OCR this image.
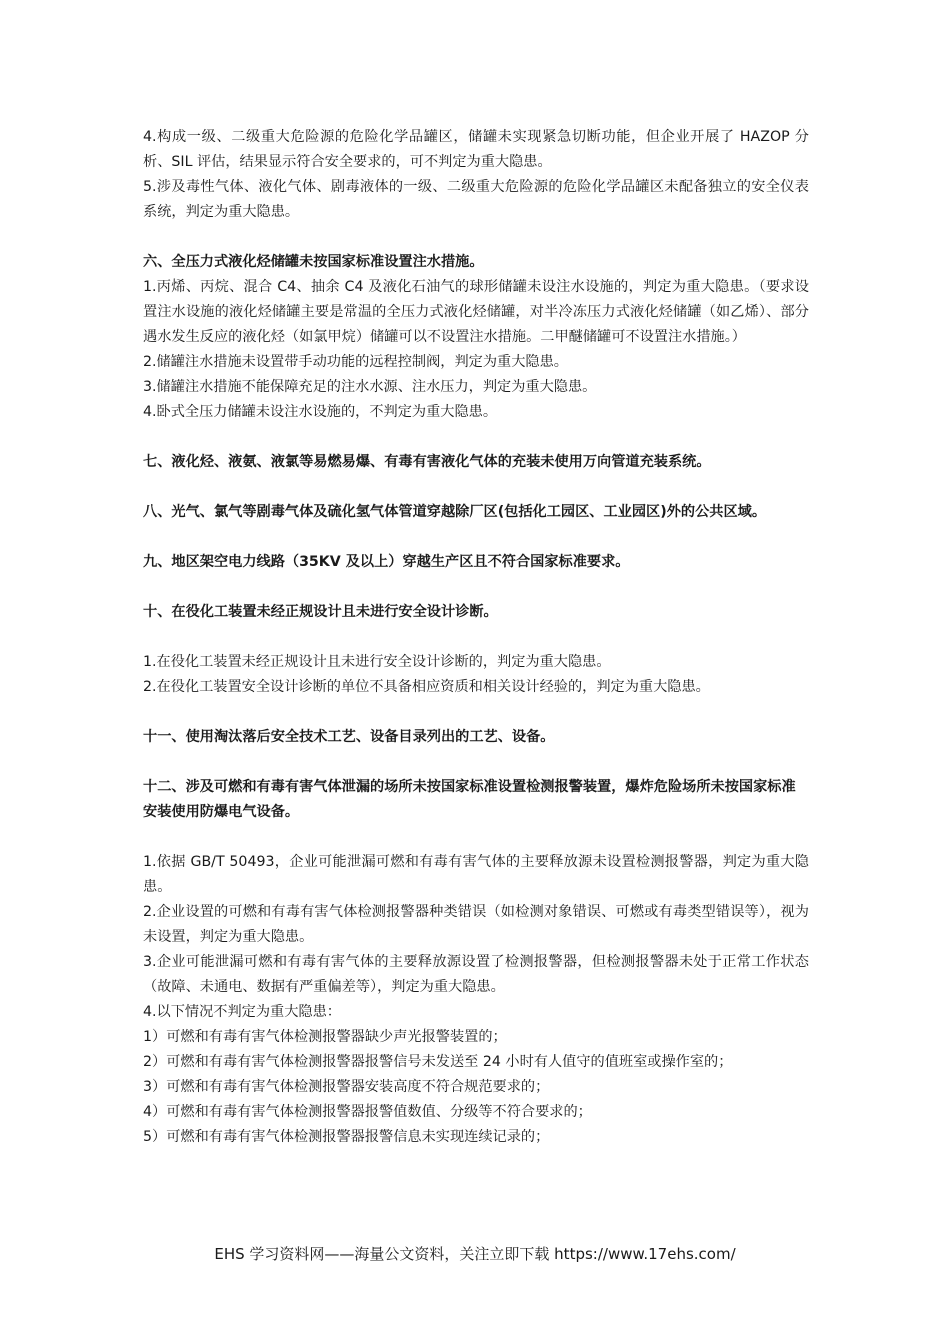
4.构成一级、二级重大危险源的危险化学品罐区，储罐未实现紧急切断功能，但企业开展了 HAZOP 分析、SIL 评估，结果显示符合安全要求的，可不判定为重大隐患。

5.涉及毒性气体、液化气体、剧毒液体的一级、二级重大危险源的危险化学品罐区未配备独立的安全仪表系统，判定为重大隐患。

六、全压力式液化烃储罐未按国家标准设置注水措施。

1.丙烯、丙烷、混合 C4、抽余 C4 及液化石油气的球形储罐未设注水设施的，判定为重大隐患。（要求设置注水设施的液化烃储罐主要是常温的全压力式液化烃储罐，对半冷冻压力式液化烃储罐（如乙烯）、部分遇水发生反应的液化烃（如氯甲烷）储罐可以不设置注水措施。二甲醚储罐可不设置注水措施。）

2.储罐注水措施未设置带手动功能的远程控制阀，判定为重大隐患。

3.储罐注水措施不能保障充足的注水水源、注水压力，判定为重大隐患。

4.卧式全压力储罐未设注水设施的，不判定为重大隐患。

七、液化烃、液氨、液氯等易燃易爆、有毒有害液化气体的充装未使用万向管道充装系统。

八、光气、氯气等剧毒气体及硫化氢气体管道穿越除厂区(包括化工园区、工业园区)外的公共区域。

九、地区架空电力线路（35KV 及以上）穿越生产区且不符合国家标准要求。

十、在役化工装置未经正规设计且未进行安全设计诊断。

1.在役化工装置未经正规设计且未进行安全设计诊断的，判定为重大隐患。

2.在役化工装置安全设计诊断的单位不具备相应资质和相关设计经验的，判定为重大隐患。

十一、使用淘汰落后安全技术工艺、设备目录列出的工艺、设备。

十二、涉及可燃和有毒有害气体泄漏的场所未按国家标准设置检测报警装置，爆炸危险场所未按国家标准安装使用防爆电气设备。

1.依据 GB/T 50493，企业可能泄漏可燃和有毒有害气体的主要释放源未设置检测报警器，判定为重大隐患。

2.企业设置的可燃和有毒有害气体检测报警器种类错误（如检测对象错误、可燃或有毒类型错误等），视为未设置，判定为重大隐患。

3.企业可能泄漏可燃和有毒有害气体的主要释放源设置了检测报警器，但检测报警器未处于正常工作状态（故障、未通电、数据有严重偏差等），判定为重大隐患。

4.以下情况不判定为重大隐患：

1）可燃和有毒有害气体检测报警器缺少声光报警装置的；

2）可燃和有毒有害气体检测报警器报警信号未发送至 24 小时有人值守的值班室或操作室的；

3）可燃和有毒有害气体检测报警器安装高度不符合规范要求的；

4）可燃和有毒有害气体检测报警器报警值数值、分级等不符合要求的；

5）可燃和有毒有害气体检测报警器报警信息未实现连续记录的；

EHS 学习资料网——海量公文资料，关注立即下载 https://www.17ehs.com/
